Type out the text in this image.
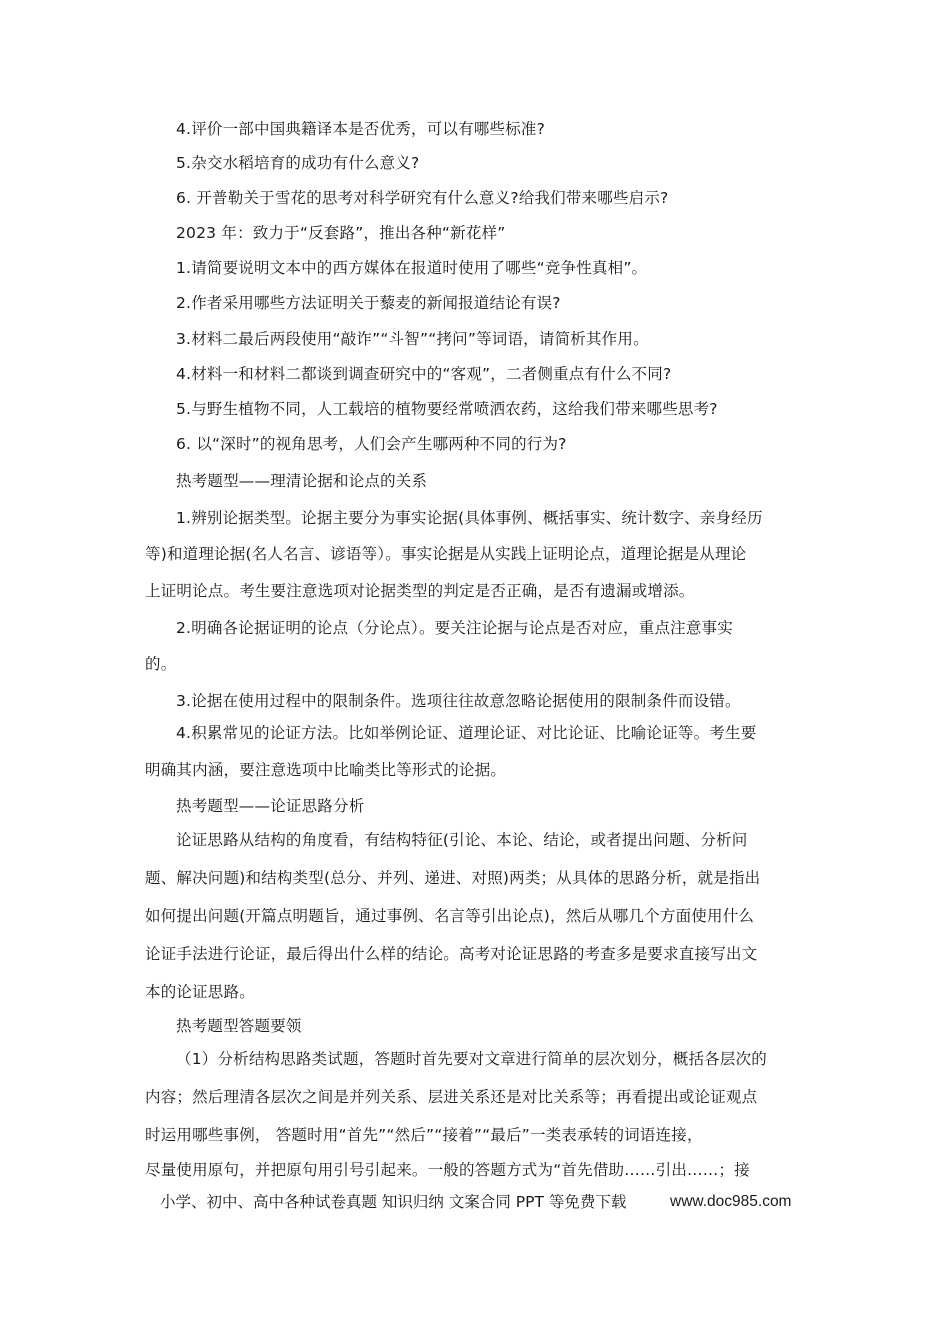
4.评价一部中国典籍译本是否优秀，可以有哪些标准?
5.杂交水稻培育的成功有什么意义?
6. 开普勒关于雪花的思考对科学研究有什么意义?给我们带来哪些启示?
2023 年：致力于“反套路”，推出各种“新花样”
1.请简要说明文本中的西方媒体在报道时使用了哪些“竞争性真相”。
2.作者采用哪些方法证明关于藜麦的新闻报道结论有误?
3.材料二最后两段使用“敲诈”“斗智”“拷问”等词语，请简析其作用。
4.材料一和材料二都谈到调查研究中的“客观”，二者侧重点有什么不同?
5.与野生植物不同，人工载培的植物要经常喷洒农药，这给我们带来哪些思考?
6. 以“深时”的视角思考，人们会产生哪两种不同的行为?
热考题型——理清论据和论点的关系
1.辨别论据类型。论据主要分为事实论据(具体事例、概括事实、统计数字、亲身经历
等)和道理论据(名人名言、谚语等）。事实论据是从实践上证明论点，道理论据是从理论
上证明论点。考生要注意选项对论据类型的判定是否正确，是否有遗漏或增添。
2.明确各论据证明的论点（分论点）。要关注论据与论点是否对应，重点注意事实
的。
3.论据在使用过程中的限制条件。选项往往故意忽略论据使用的限制条件而设错。
4.积累常见的论证方法。比如举例论证、道理论证、对比论证、比喻论证等。考生要
明确其内涵，要注意选项中比喻类比等形式的论据。
热考题型——论证思路分析
论证思路从结构的角度看，有结构特征(引论、本论、结论，或者提出问题、分析问
题、解决问题)和结构类型(总分、并列、递进、对照)两类；从具体的思路分析，就是指出
如何提出问题(开篇点明题旨，通过事例、名言等引出论点)，然后从哪几个方面使用什么
论证手法进行论证，最后得出什么样的结论。高考对论证思路的考查多是要求直接写出文
本的论证思路。
热考题型答题要领
（1）分析结构思路类试题，答题时首先要对文章进行简单的层次划分，概括各层次的
内容；然后理清各层次之间是并列关系、层进关系还是对比关系等；再看提出或论证观点
时运用哪些事例， 答题时用“首先”“然后”“接着”“最后”一类表承转的词语连接，
尽量使用原句，并把原句用引号引起来。一般的答题方式为“首先借助……引出……；接
小学、初中、高中各种试卷真题 知识归纳 文案合同 PPT 等免费下载	www.doc985.com
